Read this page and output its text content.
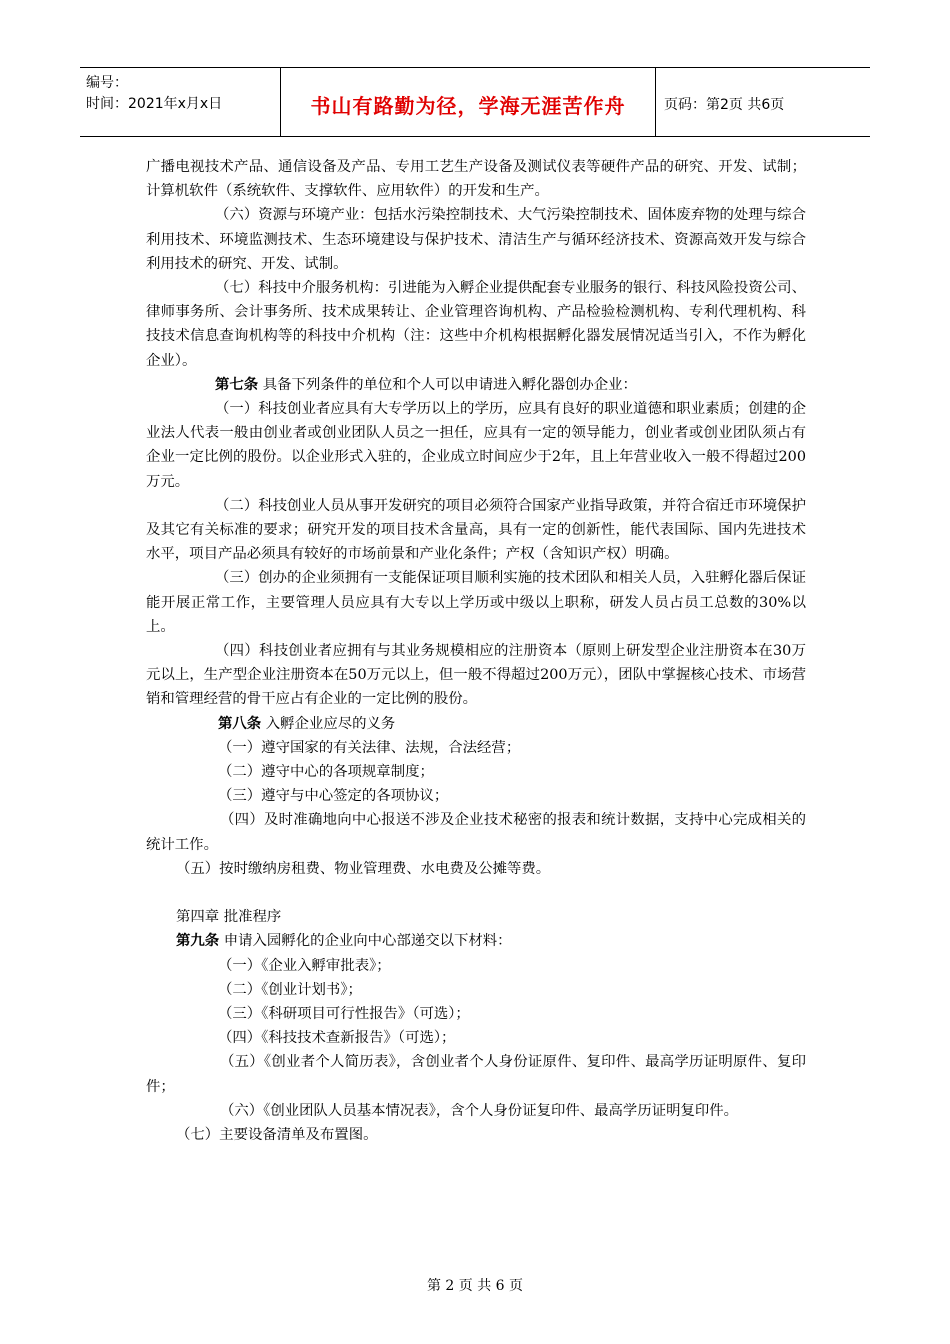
编号：
时间：2021年x月x日	书山有路勤为径，学海无涯苦作舟	页码：第2页 共6页

广播电视技术产品、通信设备及产品、专用工艺生产设备及测试仪表等硬件产品的研究、开发、试制；计算机软件（系统软件、支撑软件、应用软件）的开发和生产。

（六）资源与环境产业：包括水污染控制技术、大气污染控制技术、固体废弃物的处理与综合利用技术、环境监测技术、生态环境建设与保护技术、清洁生产与循环经济技术、资源高效开发与综合利用技术的研究、开发、试制。

（七）科技中介服务机构：引进能为入孵企业提供配套专业服务的银行、科技风险投资公司、律师事务所、会计事务所、技术成果转让、企业管理咨询机构、产品检验检测机构、专利代理机构、科技技术信息查询机构等的科技中介机构（注：这些中介机构根据孵化器发展情况适当引入，不作为孵化企业）。

第七条 具备下列条件的单位和个人可以申请进入孵化器创办企业：

（一）科技创业者应具有大专学历以上的学历，应具有良好的职业道德和职业素质；创建的企业法人代表一般由创业者或创业团队人员之一担任，应具有一定的领导能力，创业者或创业团队须占有企业一定比例的股份。以企业形式入驻的，企业成立时间应少于2年，且上年营业收入一般不得超过200万元。

（二）科技创业人员从事开发研究的项目必须符合国家产业指导政策，并符合宿迁市环境保护及其它有关标准的要求；研究开发的项目技术含量高，具有一定的创新性，能代表国际、国内先进技术水平，项目产品必须具有较好的市场前景和产业化条件；产权（含知识产权）明确。

（三）创办的企业须拥有一支能保证项目顺利实施的技术团队和相关人员，入驻孵化器后保证能开展正常工作，主要管理人员应具有大专以上学历或中级以上职称，研发人员占员工总数的30%以上。

（四）科技创业者应拥有与其业务规模相应的注册资本（原则上研发型企业注册资本在30万元以上，生产型企业注册资本在50万元以上，但一般不得超过200万元），团队中掌握核心技术、市场营销和管理经营的骨干应占有企业的一定比例的股份。

第八条 入孵企业应尽的义务

（一）遵守国家的有关法律、法规，合法经营；

（二）遵守中心的各项规章制度；

（三）遵守与中心签定的各项协议；

（四）及时准确地向中心报送不涉及企业技术秘密的报表和统计数据，支持中心完成相关的统计工作。

（五）按时缴纳房租费、物业管理费、水电费及公摊等费。

第四章 批准程序

第九条 申请入园孵化的企业向中心部递交以下材料：

（一）《企业入孵审批表》；

（二）《创业计划书》；

（三）《科研项目可行性报告》（可选）；

（四）《科技技术查新报告》（可选）；

（五）《创业者个人简历表》，含创业者个人身份证原件、复印件、最高学历证明原件、复印件；

（六）《创业团队人员基本情况表》，含个人身份证复印件、最高学历证明复印件。

（七）主要设备清单及布置图。

第 2 页 共 6 页
